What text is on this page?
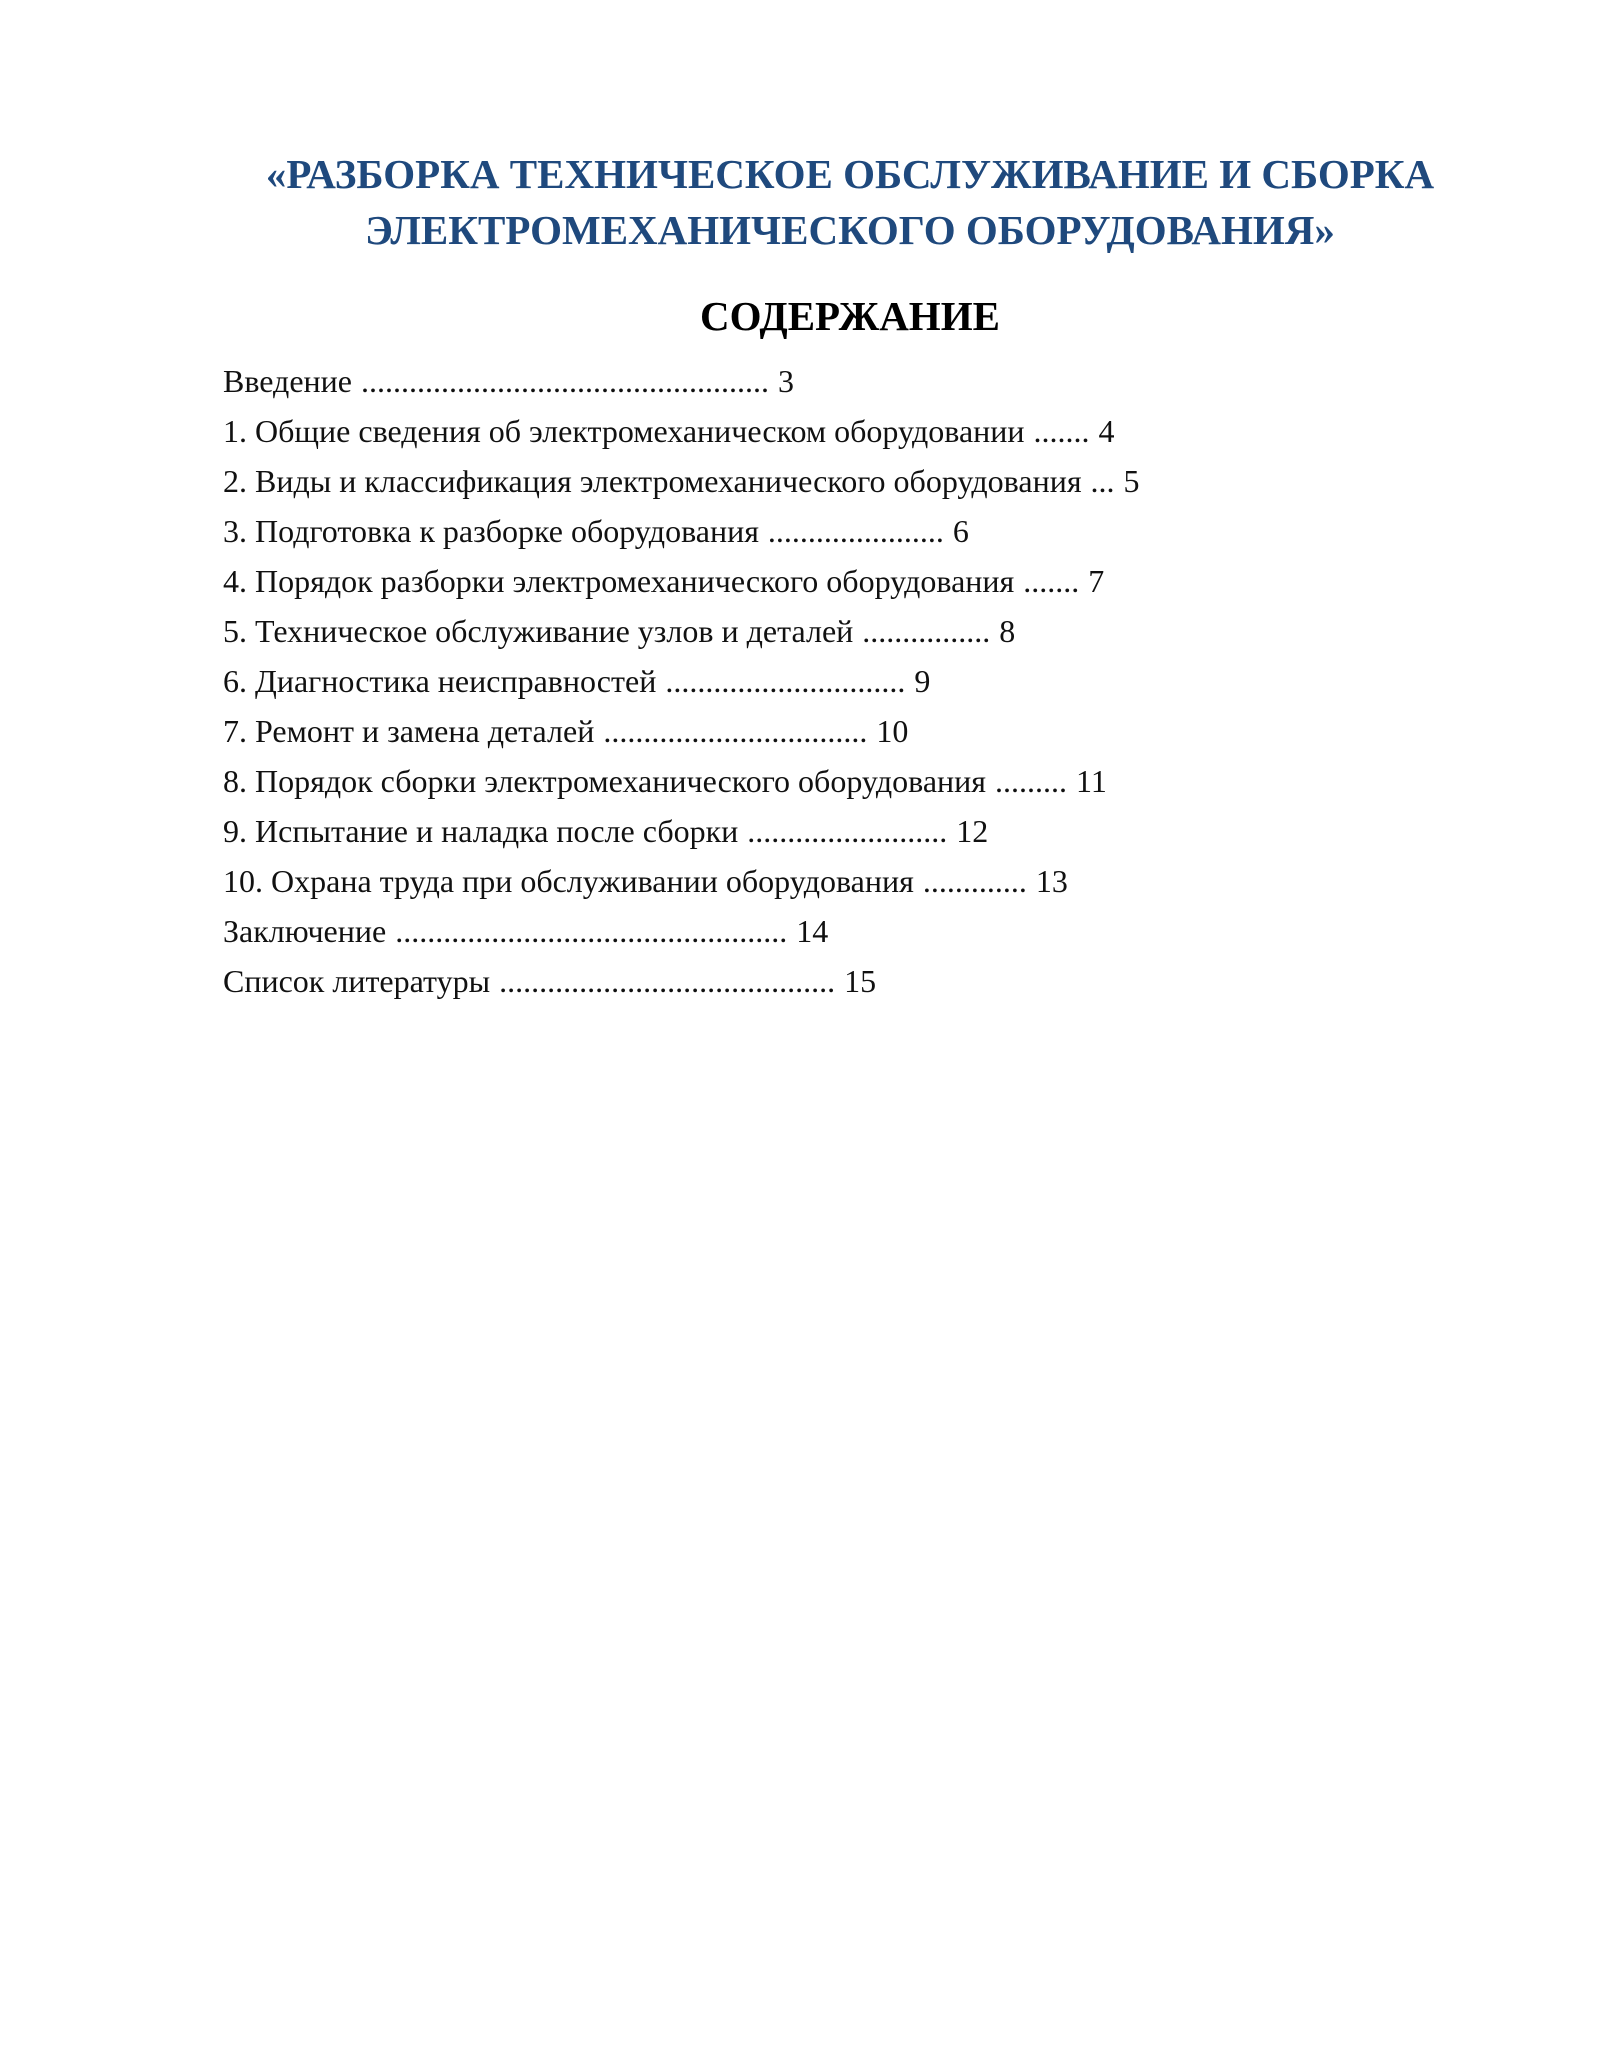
«РАЗБОРКА ТЕХНИЧЕСКОЕ ОБСЛУЖИВАНИЕ И СБОРКА
ЭЛЕКТРОМЕХАНИЧЕСКОГО ОБОРУДОВАНИЯ»
СОДЕРЖАНИЕ
Введение ................................................... 3
1. Общие сведения об электромеханическом оборудовании ....... 4
2. Виды и классификация электромеханического оборудования ... 5
3. Подготовка к разборке оборудования ...................... 6
4. Порядок разборки электромеханического оборудования ....... 7
5. Техническое обслуживание узлов и деталей ................ 8
6. Диагностика неисправностей .............................. 9
7. Ремонт и замена деталей ................................. 10
8. Порядок сборки электромеханического оборудования ......... 11
9. Испытание и наладка после сборки ......................... 12
10. Охрана труда при обслуживании оборудования ............. 13
Заключение ................................................. 14
Список литературы .......................................... 15
